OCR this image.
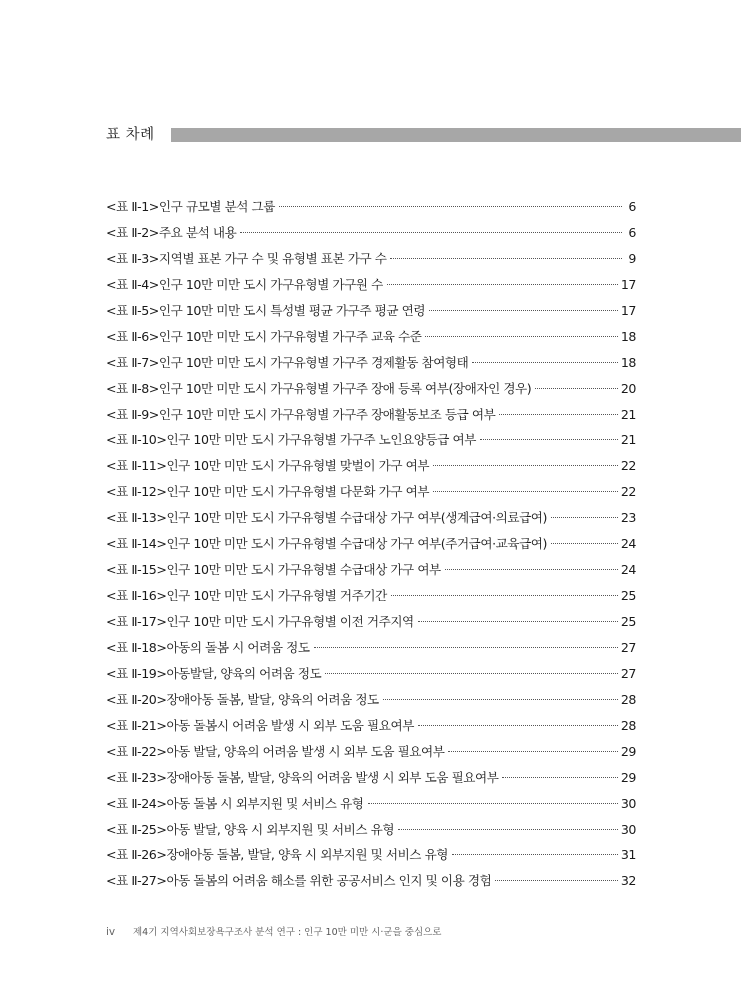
표 차례
<표 Ⅱ-1> 인구 규모별 분석 그룹	6
<표 Ⅱ-2> 주요 분석 내용	6
<표 Ⅱ-3> 지역별 표본 가구 수 및 유형별 표본 가구 수	9
<표 Ⅱ-4> 인구 10만 미만 도시 가구유형별 가구원 수	17
<표 Ⅱ-5> 인구 10만 미만 도시 특성별 평균 가구주 평균 연령	17
<표 Ⅱ-6> 인구 10만 미만 도시 가구유형별 가구주 교육 수준	18
<표 Ⅱ-7> 인구 10만 미만 도시 가구유형별 가구주 경제활동 참여형태	18
<표 Ⅱ-8> 인구 10만 미만 도시 가구유형별 가구주 장애 등록 여부(장애자인 경우)	20
<표 Ⅱ-9> 인구 10만 미만 도시 가구유형별 가구주 장애활동보조 등급 여부	21
<표 Ⅱ-10> 인구 10만 미만 도시 가구유형별 가구주 노인요양등급 여부	21
<표 Ⅱ-11> 인구 10만 미만 도시 가구유형별 맞벌이 가구 여부	22
<표 Ⅱ-12> 인구 10만 미만 도시 가구유형별 다문화 가구 여부	22
<표 Ⅱ-13> 인구 10만 미만 도시 가구유형별 수급대상 가구 여부(생계급여·의료급여)	23
<표 Ⅱ-14> 인구 10만 미만 도시 가구유형별 수급대상 가구 여부(주거급여·교육급여)	24
<표 Ⅱ-15> 인구 10만 미만 도시 가구유형별 수급대상 가구 여부	24
<표 Ⅱ-16> 인구 10만 미만 도시 가구유형별 거주기간	25
<표 Ⅱ-17> 인구 10만 미만 도시 가구유형별 이전 거주지역	25
<표 Ⅱ-18> 아동의 돌봄 시 어려움 정도	27
<표 Ⅱ-19> 아동발달, 양육의 어려움 정도	27
<표 Ⅱ-20> 장애아동 돌봄, 발달, 양육의 어려움 정도	28
<표 Ⅱ-21> 아동 돌봄시 어려움 발생 시 외부 도움 필요여부	28
<표 Ⅱ-22> 아동 발달, 양육의 어려움 발생 시 외부 도움 필요여부	29
<표 Ⅱ-23> 장애아동 돌봄, 발달, 양육의 어려움 발생 시 외부 도움 필요여부	29
<표 Ⅱ-24> 아동 돌봄 시 외부지원 및 서비스 유형	30
<표 Ⅱ-25> 아동 발달, 양육 시 외부지원 및 서비스 유형	30
<표 Ⅱ-26> 장애아동 돌봄, 발달, 양육 시 외부지원 및 서비스 유형	31
<표 Ⅱ-27> 아동 돌봄의 어려움 해소를 위한 공공서비스 인지 및 이용 경험	32
iv 제4기 지역사회보장욕구조사 분석 연구 : 인구 10만 미만 시·군을 중심으로
